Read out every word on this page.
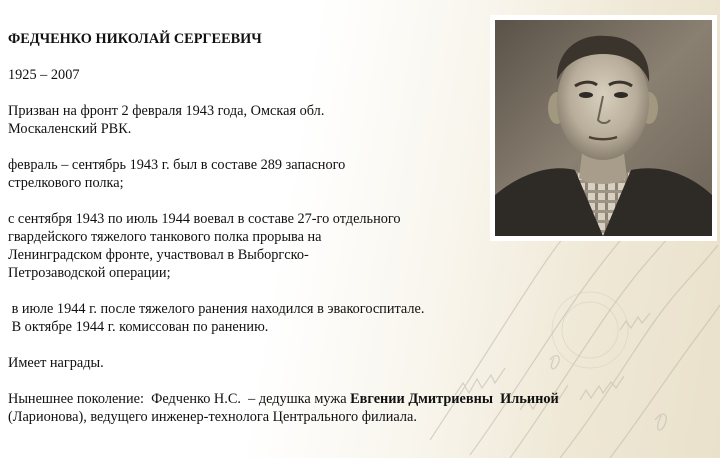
ФЕДЧЕНКО НИКОЛАЙ СЕРГЕЕВИЧ

1925 – 2007

Призван на фронт 2 февраля 1943 года, Омская обл.

Москаленский РВК.

февраль – сентябрь 1943 г. был в составе 289 запасного

стрелкового полка;

с сентября 1943 по июль 1944 воевал в составе 27-го отдельного

гвардейского тяжелого танкового полка прорыва на

Ленинградском фронте, участвовал в Выборгско-

Петрозаводской операции;

в июле 1944 г. после тяжелого ранения находился в эвакогоспитале.

В октябре 1944 г. комиссован по ранению.

Имеет награды.

Нынешнее поколение:  Федченко Н.С.  – дедушка мужа Евгении Дмитриевны  Ильиной

(Ларионова), ведущего инженер-технолога Центрального филиала.
